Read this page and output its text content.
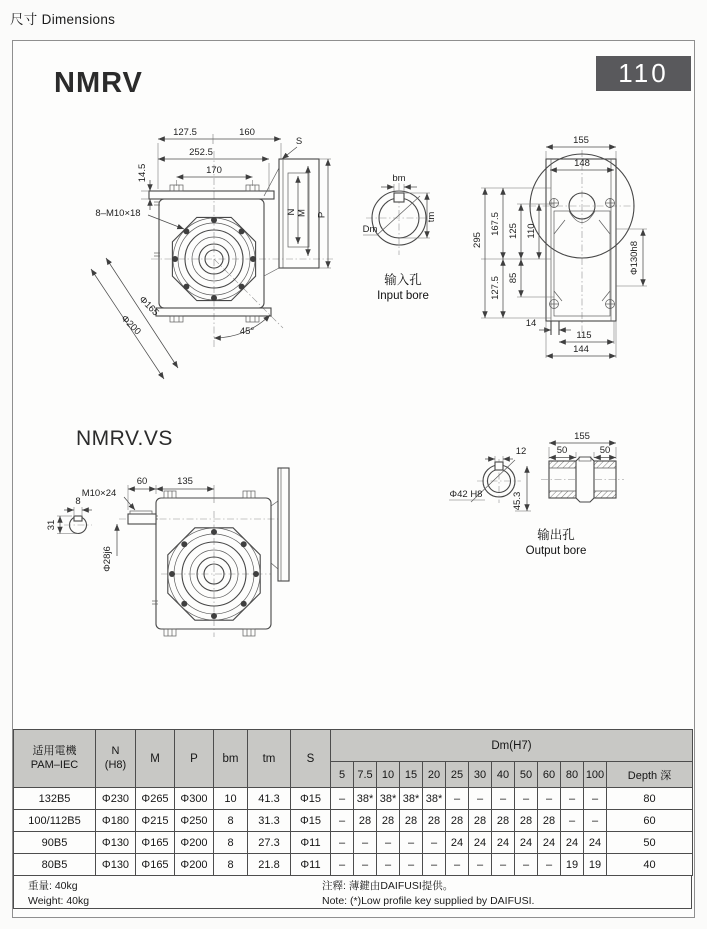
尺寸 Dimensions
NMRV	110
127.5	160
252.5
170
14.5
S
8–M10×18	N M P
Φ165
Φ200	45°
bm
tm
Dm
输入孔
Input bore
155
148
295
167.5
127.5
125
85
110
Φ130h8
14
115
144
NMRV.VS
60	135
M10×24
8
31
Φ28j6
12
Φ42 H8	45.3
155
50	50
输出孔
Output bore
适用電機
PAM–IEC	N
(H8)	M	P	bm	tm	S	Dm(H7)												
							5	7.5	10	15	20	25	30	40	50	60	80	100	Depth 深
132B5	Φ230	Φ265	Φ300	10	41.3	Φ15	–	38*	38*	38*	38*	–	–	–	–	–	–	–	80
100/112B5	Φ180	Φ215	Φ250	8	31.3	Φ15	–	28	28	28	28	28	28	28	28	28	–	–	60
90B5	Φ130	Φ165	Φ200	8	27.3	Φ11	–	–	–	–	–	24	24	24	24	24	24	24	50
80B5	Φ130	Φ165	Φ200	8	21.8	Φ11	–	–	–	–	–	–	–	–	–	–	19	19	40
重量: 40kg
Weight: 40kg
注釋: 薄鍵由DAIFUSI提供。
Note: (*)Low profile key supplied by DAIFUSI.
